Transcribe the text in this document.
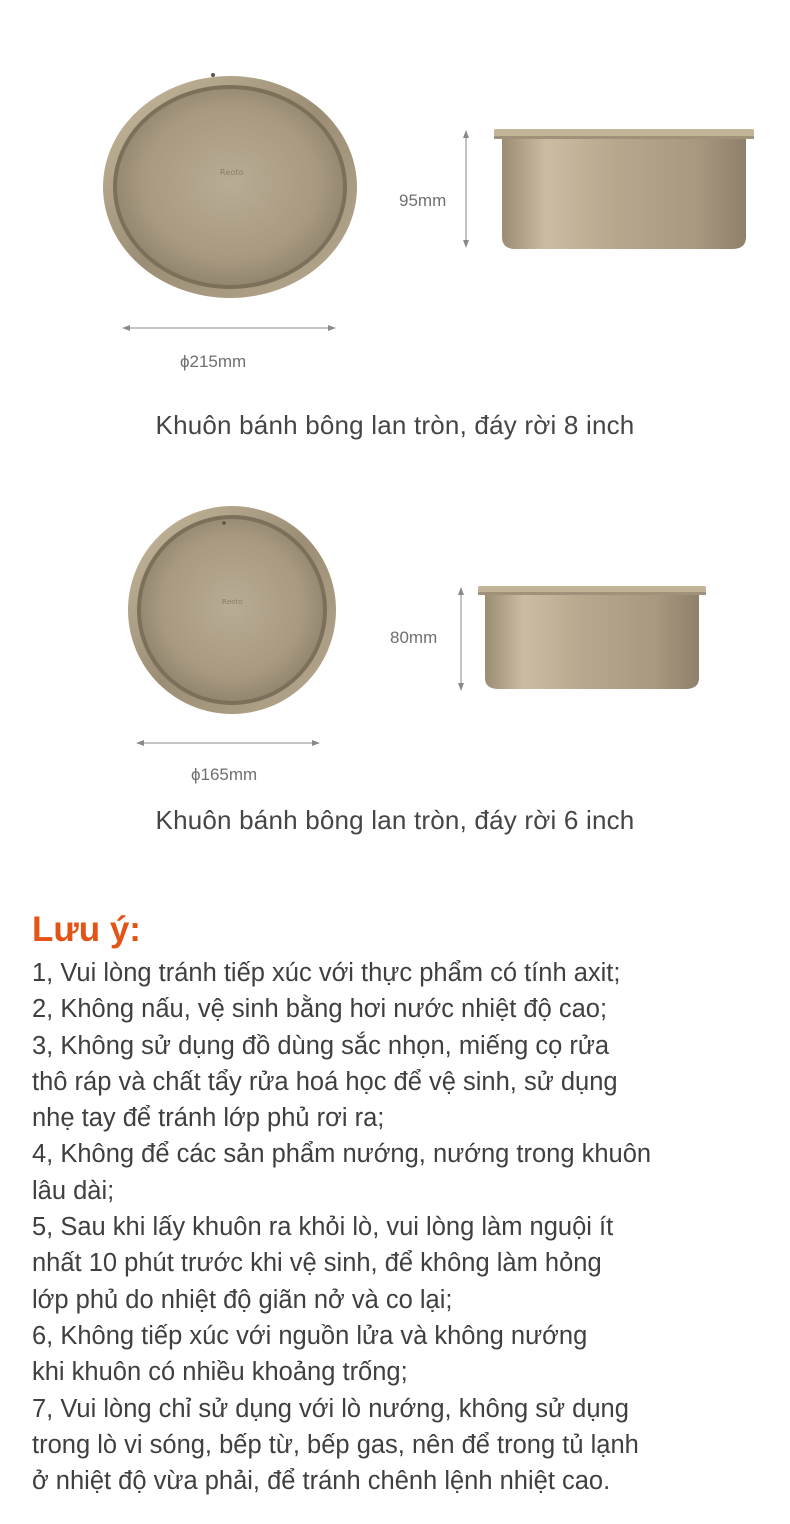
Ɍeoto
ϕ215mm
95mm
Khuôn bánh bông lan tròn, đáy rời 8 inch
Ɍeoto
ϕ165mm
80mm
Khuôn bánh bông lan tròn, đáy rời 6 inch
Lưu ý:
1, Vui lòng tránh tiếp xúc với thực phẩm có tính axit;
2, Không nấu, vệ sinh bằng hơi nước nhiệt độ cao;
3, Không sử dụng đồ dùng sắc nhọn, miếng cọ rửa
thô ráp và chất tẩy rửa hoá học để vệ sinh, sử dụng
nhẹ tay để tránh lớp phủ rơi ra;
4, Không để các sản phẩm nướng, nướng trong khuôn
lâu dài;
5, Sau khi lấy khuôn ra khỏi lò, vui lòng làm nguội ít
nhất 10 phút trước khi vệ sinh, để không làm hỏng
lớp phủ do nhiệt độ giãn nở và co lại;
6, Không tiếp xúc với nguồn lửa và không nướng
khi khuôn có nhiều khoảng trống;
7, Vui lòng chỉ sử dụng với lò nướng, không sử dụng
trong lò vi sóng, bếp từ, bếp gas, nên để trong tủ lạnh
ở nhiệt độ vừa phải, để tránh chênh lệnh nhiệt cao.
